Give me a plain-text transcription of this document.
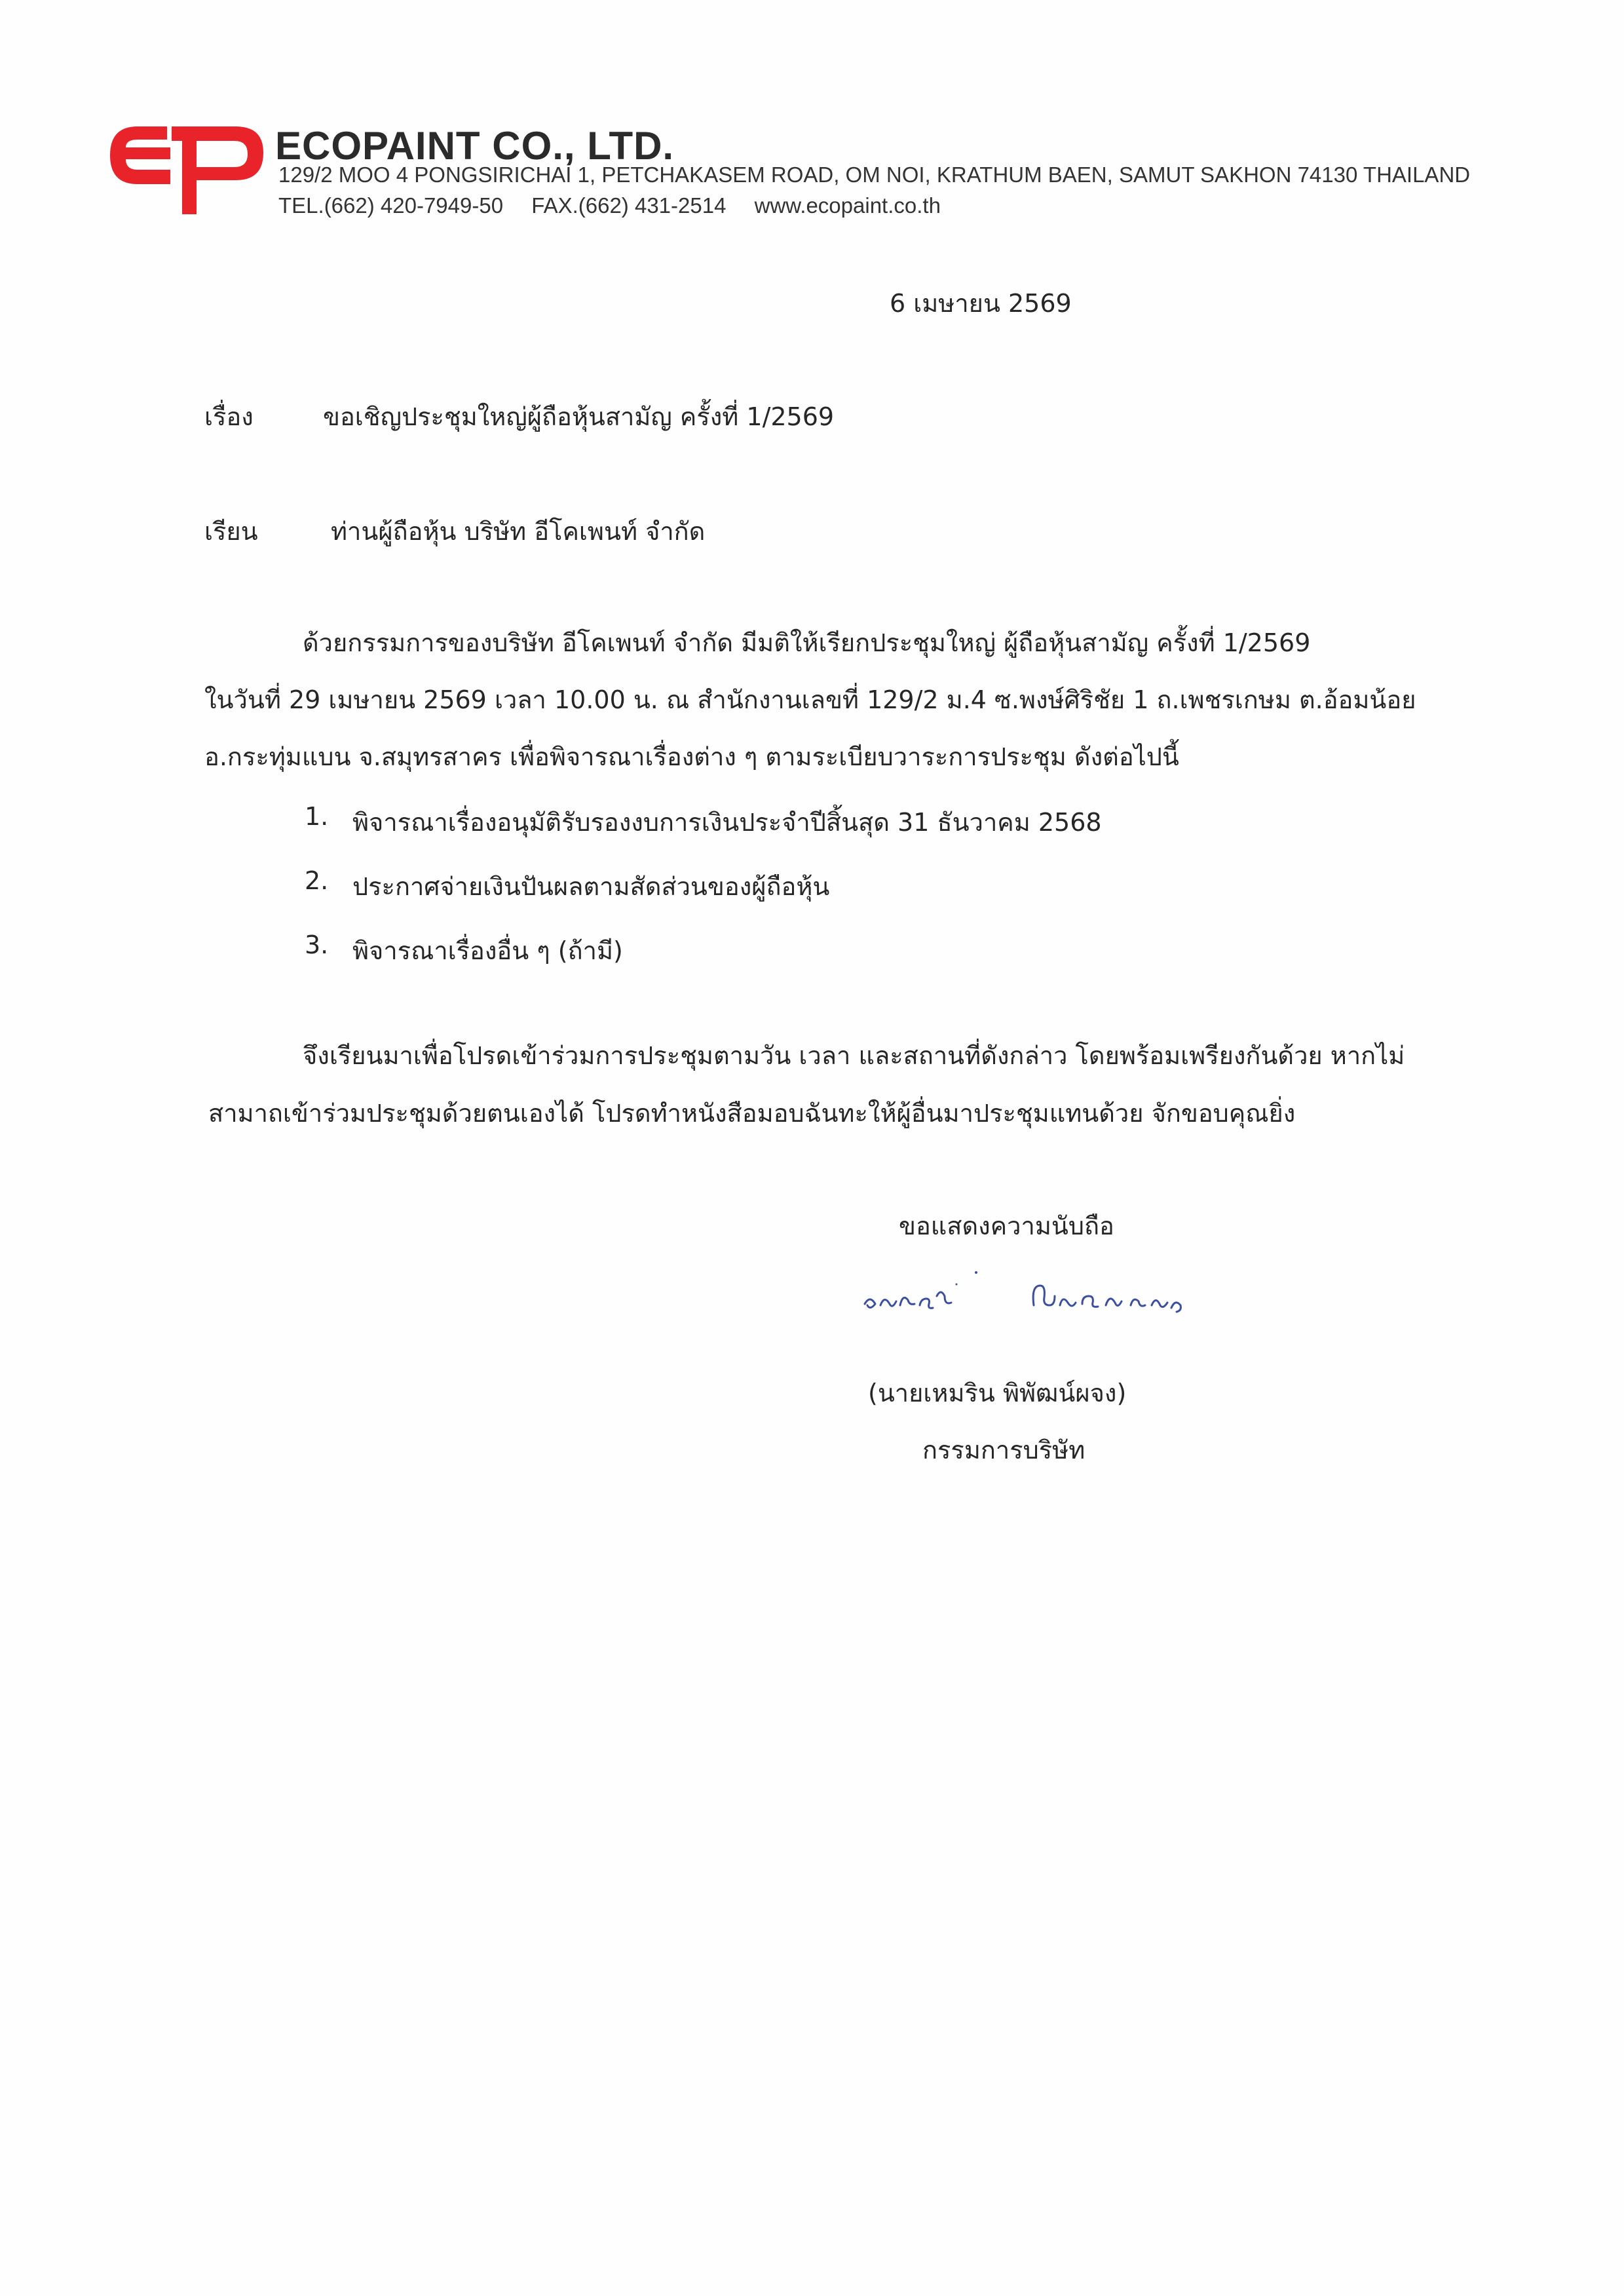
ECOPAINT CO., LTD.
129/2 MOO 4 PONGSIRICHAI 1, PETCHAKASEM ROAD, OM NOI, KRATHUM BAEN, SAMUT SAKHON 74130 THAILAND
TEL.(662) 420-7949-50 FAX.(662) 431-2514 www.ecopaint.co.th
6 เมษายน 2569
เรื่อง	ขอเชิญประชุมใหญ่ผู้ถือหุ้นสามัญ ครั้งที่ 1/2569
เรียน	ท่านผู้ถือหุ้น บริษัท อีโคเพนท์ จำกัด
ด้วยกรรมการของบริษัท อีโคเพนท์ จำกัด มีมติให้เรียกประชุมใหญ่ ผู้ถือหุ้นสามัญ ครั้งที่ 1/2569
ในวันที่ 29 เมษายน 2569 เวลา 10.00 น. ณ สำนักงานเลขที่ 129/2 ม.4 ซ.พงษ์ศิริชัย 1 ถ.เพชรเกษม ต.อ้อมน้อย
อ.กระทุ่มแบน จ.สมุทรสาคร เพื่อพิจารณาเรื่องต่าง ๆ ตามระเบียบวาระการประชุม ดังต่อไปนี้
1. พิจารณาเรื่องอนุมัติรับรองงบการเงินประจำปีสิ้นสุด 31 ธันวาคม 2568
2. ประกาศจ่ายเงินปันผลตามสัดส่วนของผู้ถือหุ้น
3. พิจารณาเรื่องอื่น ๆ (ถ้ามี)
จึงเรียนมาเพื่อโปรดเข้าร่วมการประชุมตามวัน เวลา และสถานที่ดังกล่าว โดยพร้อมเพรียงกันด้วย หากไม่
สามาถเข้าร่วมประชุมด้วยตนเองได้ โปรดทำหนังสือมอบฉันทะให้ผู้อื่นมาประชุมแทนด้วย จักขอบคุณยิ่ง
ขอแสดงความนับถือ
(นายเหมริน พิพัฒน์ผจง)
กรรมการบริษัท
